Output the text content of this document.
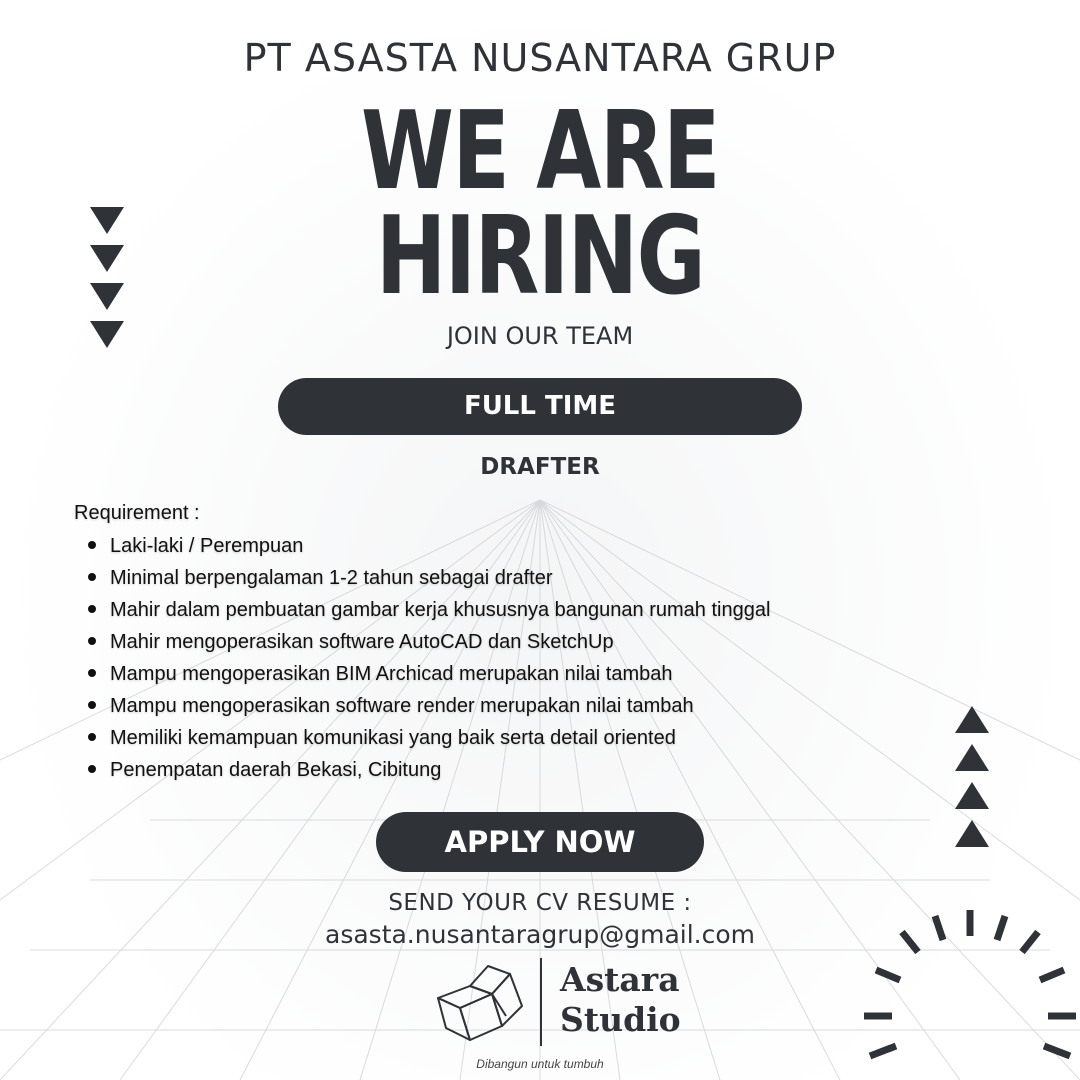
PT ASASTA NUSANTARA GRUP
WE ARE
HIRING
JOIN OUR TEAM
FULL TIME
DRAFTER
Requirement :
Laki-laki / Perempuan
Minimal berpengalaman 1-2 tahun sebagai drafter
Mahir dalam pembuatan gambar kerja khususnya bangunan rumah tinggal
Mahir mengoperasikan software AutoCAD dan SketchUp
Mampu mengoperasikan BIM Archicad merupakan nilai tambah
Mampu mengoperasikan software render merupakan nilai tambah
Memiliki kemampuan komunikasi yang baik serta detail oriented
Penempatan daerah Bekasi, Cibitung
APPLY NOW
SEND YOUR CV RESUME :
asasta.nusantaragrup@gmail.com
Astara
Studio
Dibangun untuk tumbuh
